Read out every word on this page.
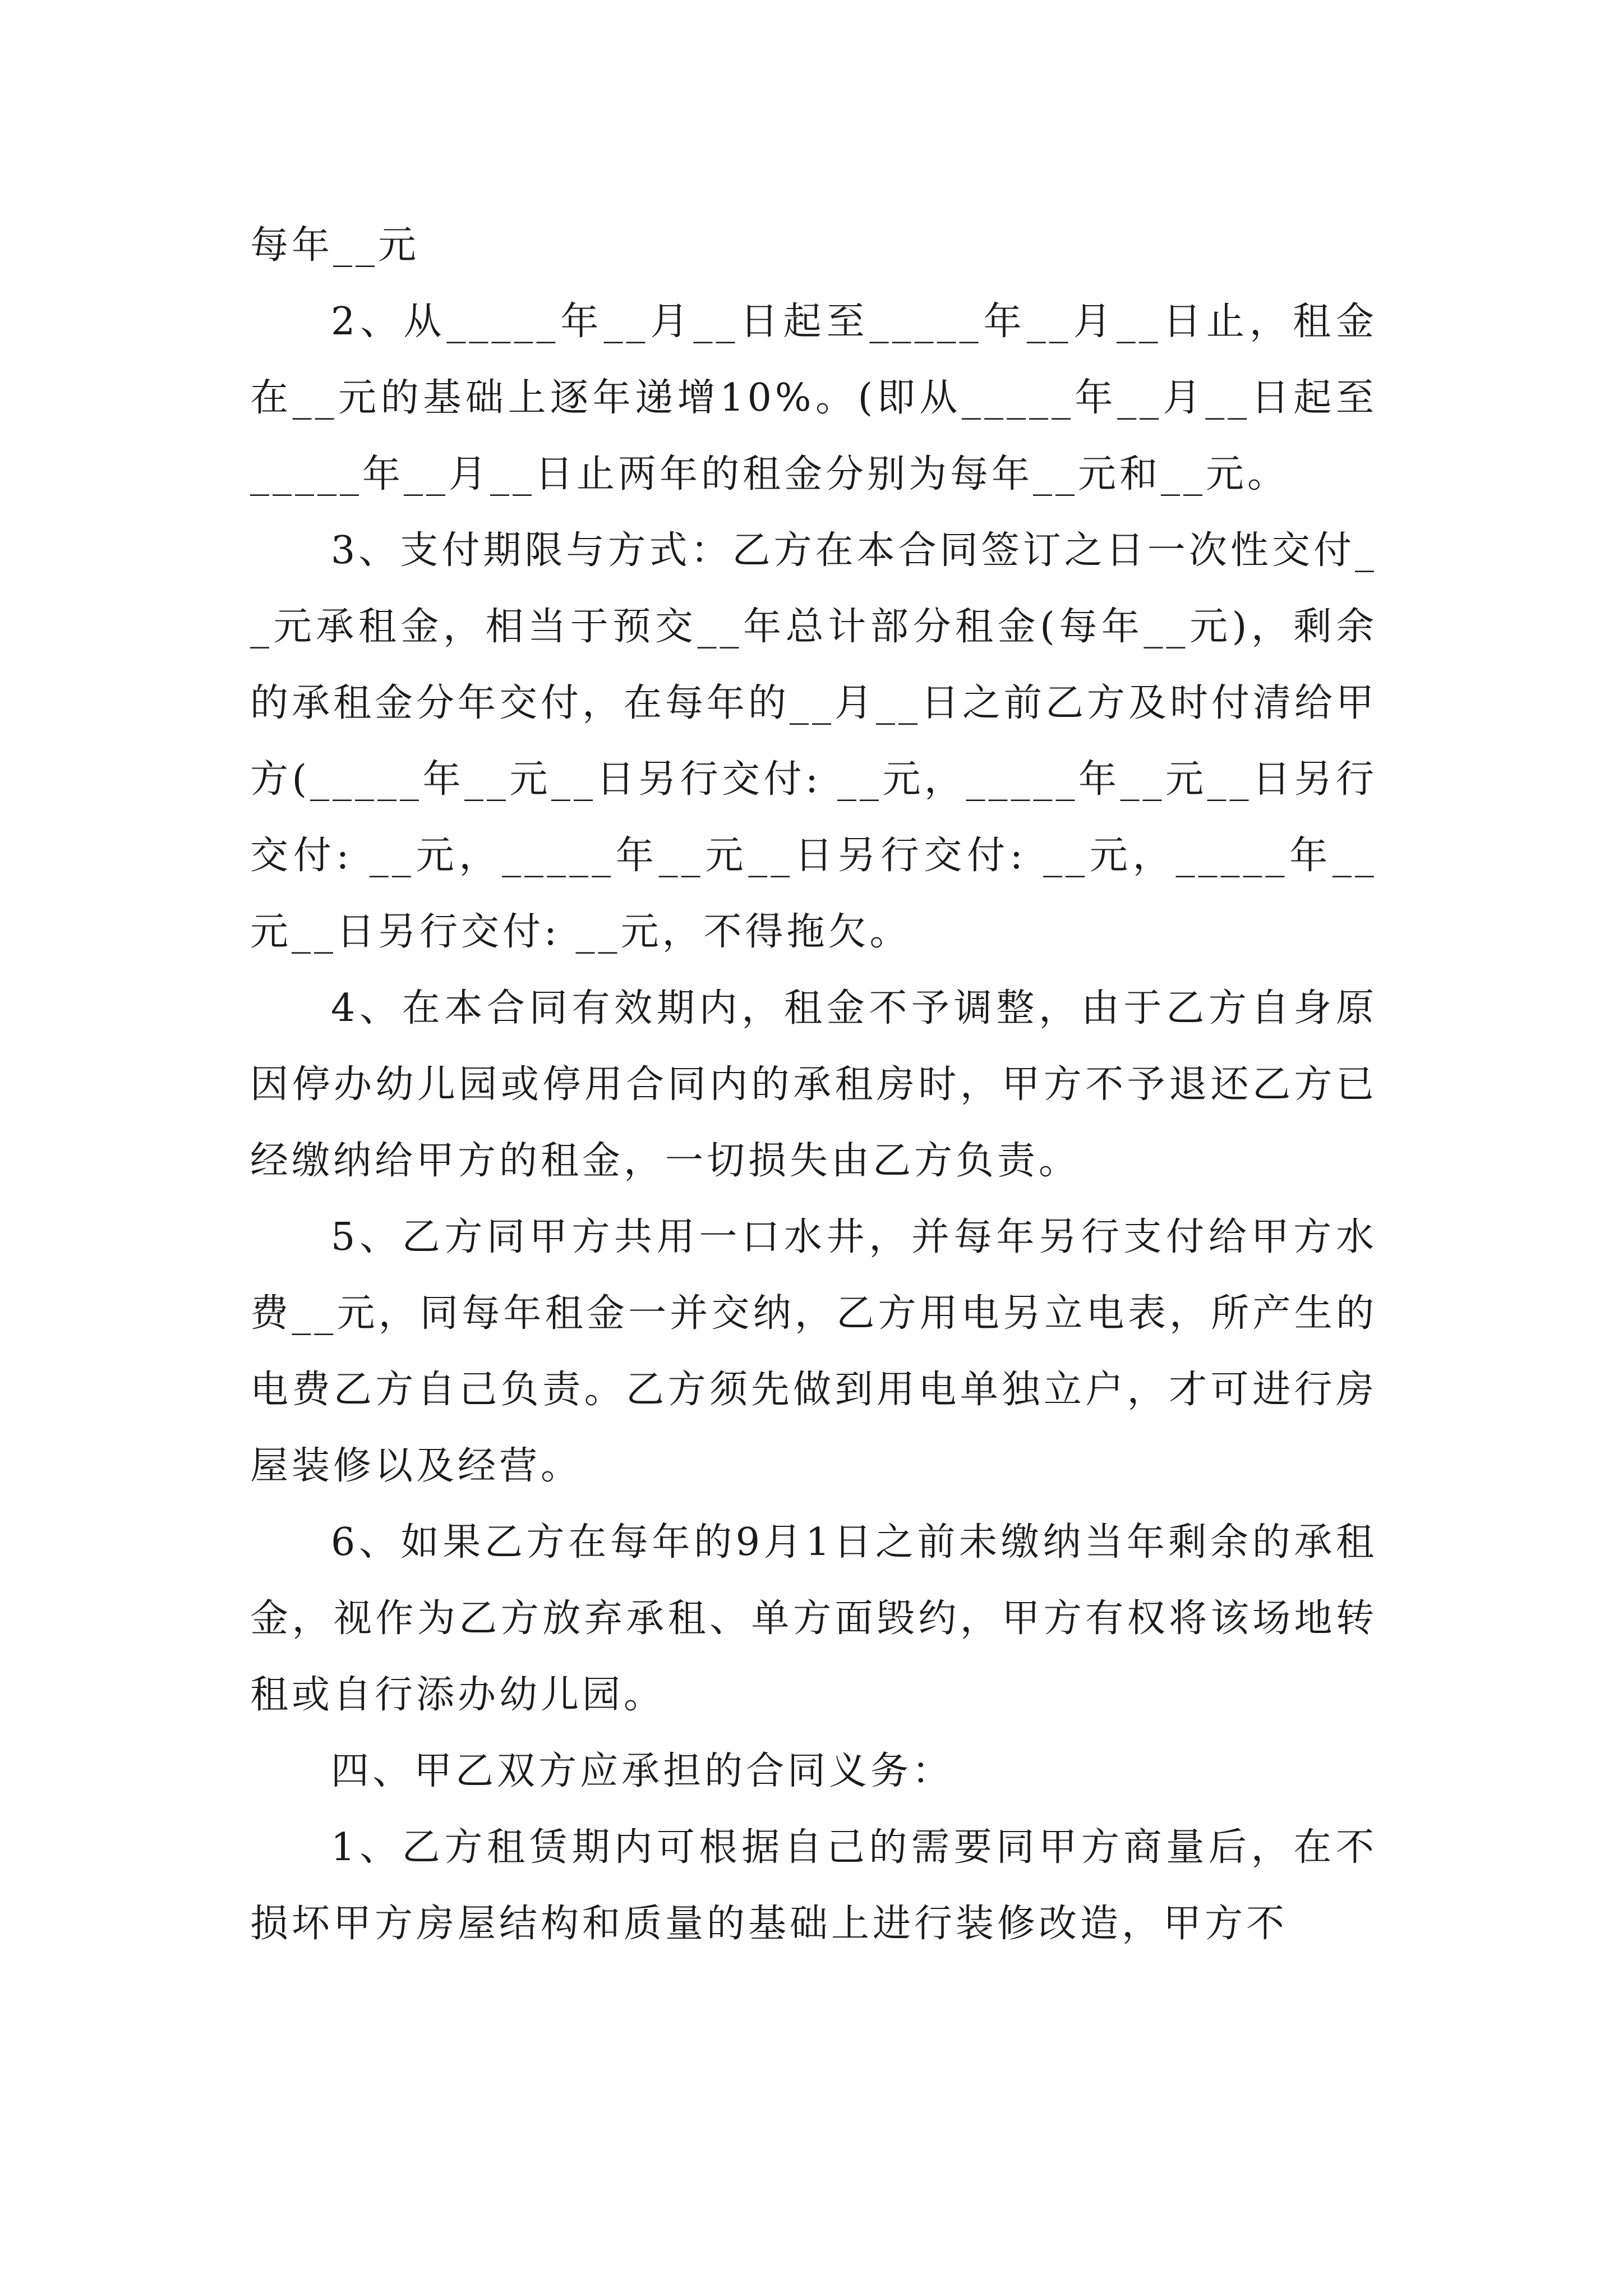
每年__元

2、从_____年__月__日起至_____年__月__日止，租金在__元的基础上逐年递增10%。(即从_____年__月__日起至_____年__月__日止两年的租金分别为每年__元和__元。

3、支付期限与方式：乙方在本合同签订之日一次性交付__元承租金，相当于预交__年总计部分租金(每年__元)，剩余的承租金分年交付，在每年的__月__日之前乙方及时付清给甲方(_____年__元__日另行交付: __元，_____年__元__日另行交付: __元，_____年__元__日另行交付: __元，_____年__元__日另行交付: __元，不得拖欠。

4、在本合同有效期内，租金不予调整，由于乙方自身原因停办幼儿园或停用合同内的承租房时，甲方不予退还乙方已经缴纳给甲方的租金，一切损失由乙方负责。

5、乙方同甲方共用一口水井，并每年另行支付给甲方水费__元，同每年租金一并交纳，乙方用电另立电表，所产生的电费乙方自己负责。乙方须先做到用电单独立户，才可进行房屋装修以及经营。

6、如果乙方在每年的9月1日之前未缴纳当年剩余的承租金，视作为乙方放弃承租、单方面毁约，甲方有权将该场地转租或自行添办幼儿园。

四、甲乙双方应承担的合同义务：

1、乙方租赁期内可根据自己的需要同甲方商量后，在不损坏甲方房屋结构和质量的基础上进行装修改造，甲方不
